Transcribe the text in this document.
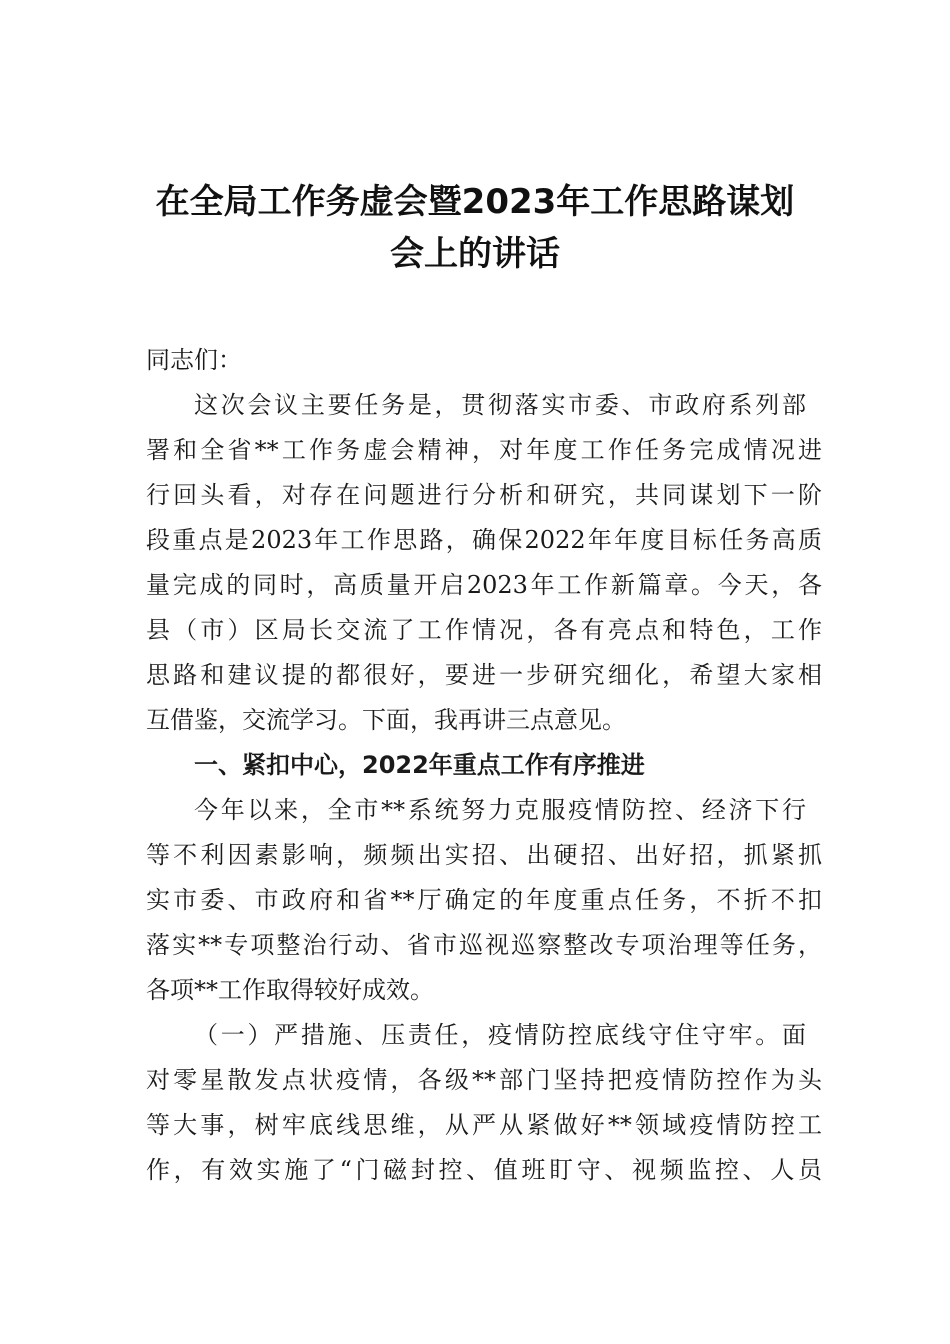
在全局工作务虚会暨2023年工作思路谋划
会上的讲话
同志们：
这次会议主要任务是，贯彻落实市委、市政府系列部
署和全省**工作务虚会精神，对年度工作任务完成情况进
行回头看，对存在问题进行分析和研究，共同谋划下一阶
段重点是2023年工作思路，确保2022年年度目标任务高质
量完成的同时，高质量开启2023年工作新篇章。今天，各
县（市）区局长交流了工作情况，各有亮点和特色，工作
思路和建议提的都很好，要进一步研究细化，希望大家相
互借鉴，交流学习。下面，我再讲三点意见。
一、紧扣中心，2022年重点工作有序推进
今年以来，全市**系统努力克服疫情防控、经济下行
等不利因素影响，频频出实招、出硬招、出好招，抓紧抓
实市委、市政府和省**厅确定的年度重点任务，不折不扣
落实**专项整治行动、省市巡视巡察整改专项治理等任务，
各项**工作取得较好成效。
（一）严措施、压责任，疫情防控底线守住守牢。面
对零星散发点状疫情，各级**部门坚持把疫情防控作为头
等大事，树牢底线思维，从严从紧做好**领域疫情防控工
作，有效实施了“门磁封控、值班盯守、视频监控、人员
